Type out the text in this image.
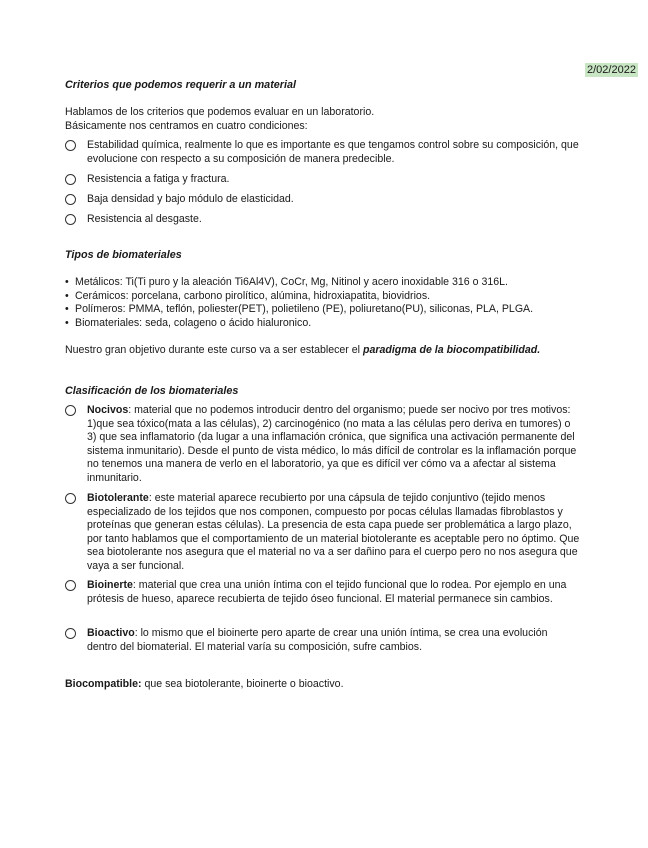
2/02/2022
Criterios que podemos requerir a un material
Hablamos de los criterios que podemos evaluar en un laboratorio.
Básicamente nos centramos en cuatro condiciones:
Estabilidad química, realmente lo que es importante es que tengamos control sobre su composición, que evolucione con respecto a su composición de manera predecible.
Resistencia a fatiga y fractura.
Baja densidad y bajo módulo de elasticidad.
Resistencia al desgaste.
Tipos de biomateriales
• Metálicos: Ti(Ti puro y la aleación Ti6Al4V), CoCr, Mg, Nitinol y acero inoxidable 316 o 316L.
• Cerámicos: porcelana, carbono pirolítico, alúmina, hidroxiapatita, biovidrios.
• Polímeros: PMMA, teflón, poliester(PET), polietileno (PE), poliuretano(PU), siliconas, PLA, PLGA.
• Biomateriales: seda, colageno o ácido hialuronico.
Nuestro gran objetivo durante este curso va a ser establecer el paradigma de la biocompatibilidad.
Clasificación de los biomateriales
Nocivos: material que no podemos introducir dentro del organismo; puede ser nocivo por tres motivos: 1)que sea tóxico(mata a las células), 2) carcinogénico (no mata a las células pero deriva en tumores) o 3) que sea inflamatorio (da lugar a una inflamación crónica, que significa una activación permanente del sistema inmunitario). Desde el punto de vista médico, lo más difícil de controlar es la inflamación porque no tenemos una manera de verlo en el laboratorio, ya que es difícil ver cómo va a afectar al sistema inmunitario.
Biotolerante: este material aparece recubierto por una cápsula de tejido conjuntivo (tejido menos especializado de los tejidos que nos componen, compuesto por pocas células llamadas fibroblastos y proteínas que generan estas células). La presencia de esta capa puede ser problemática a largo plazo, por tanto hablamos que el comportamiento de un material biotolerante es aceptable pero no óptimo. Que sea biotolerante nos asegura que el material no va a ser dañino para el cuerpo pero no nos asegura que vaya a ser funcional.
Bioinerte: material que crea una unión íntima con el tejido funcional que lo rodea. Por ejemplo en una prótesis de hueso, aparece recubierta de tejido óseo funcional. El material permanece sin cambios.
Bioactivo: lo mismo que el bioinerte pero aparte de crear una unión íntima, se crea una evolución dentro del biomaterial. El material varía su composición, sufre cambios.
Biocompatible: que sea biotolerante, bioinerte o bioactivo.
